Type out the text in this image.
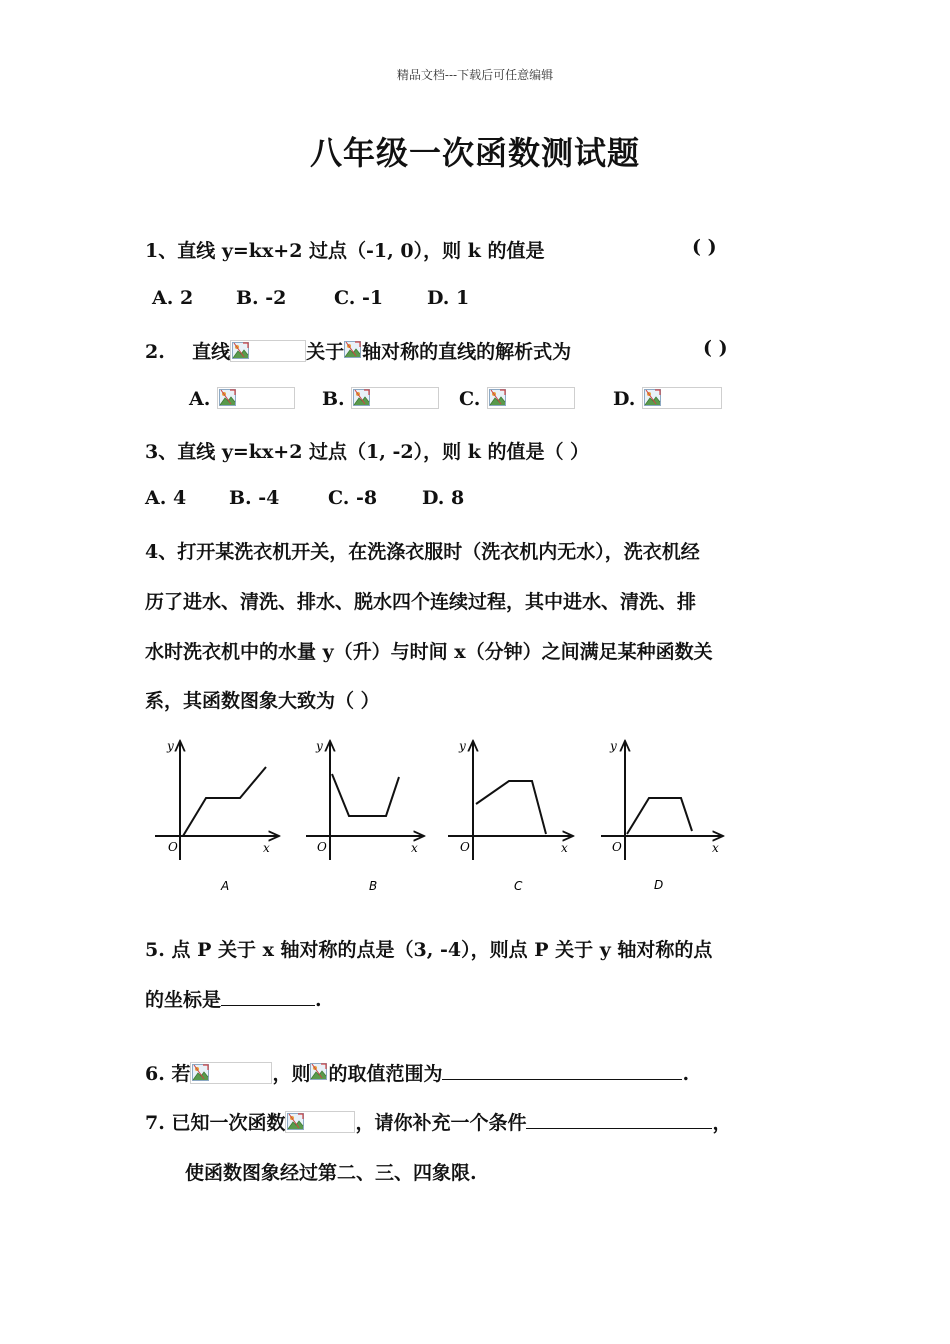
精品文档---下载后可任意编辑
八年级一次函数测试题
1、直线 y=kx+2 过点（-1, 0），则 k 的值是	( )
A. 2 B. -2	C. -1 D. 1
2. 直线	关于 轴对称的直线的解析式为	( )
A.	B.	C.	D.
3、直线 y=kx+2 过点（1, -2），则 k 的值是（ ）
A. 4 B. -4	C. -8 D. 8
4、打开某洗衣机开关，在洗涤衣服时（洗衣机内无水），洗衣机经
历了进水、清洗、排水、脱水四个连续过程，其中进水、清洗、排
水时洗衣机中的水量 y（升）与时间 x（分钟）之间满足某种函数关
系，其函数图象大致为（ ）
y
x
O
A
y
x
O
B
y
x
O
C
y
x
O
D
5. 点 P 关于 x 轴对称的点是（3, -4），则点 P 关于 y 轴对称的点
的坐标是	.
6. 若	，则 的取值范围为	.
7. 已知一次函数	，请你补充一个条件	，
使函数图象经过第二、三、四象限.
